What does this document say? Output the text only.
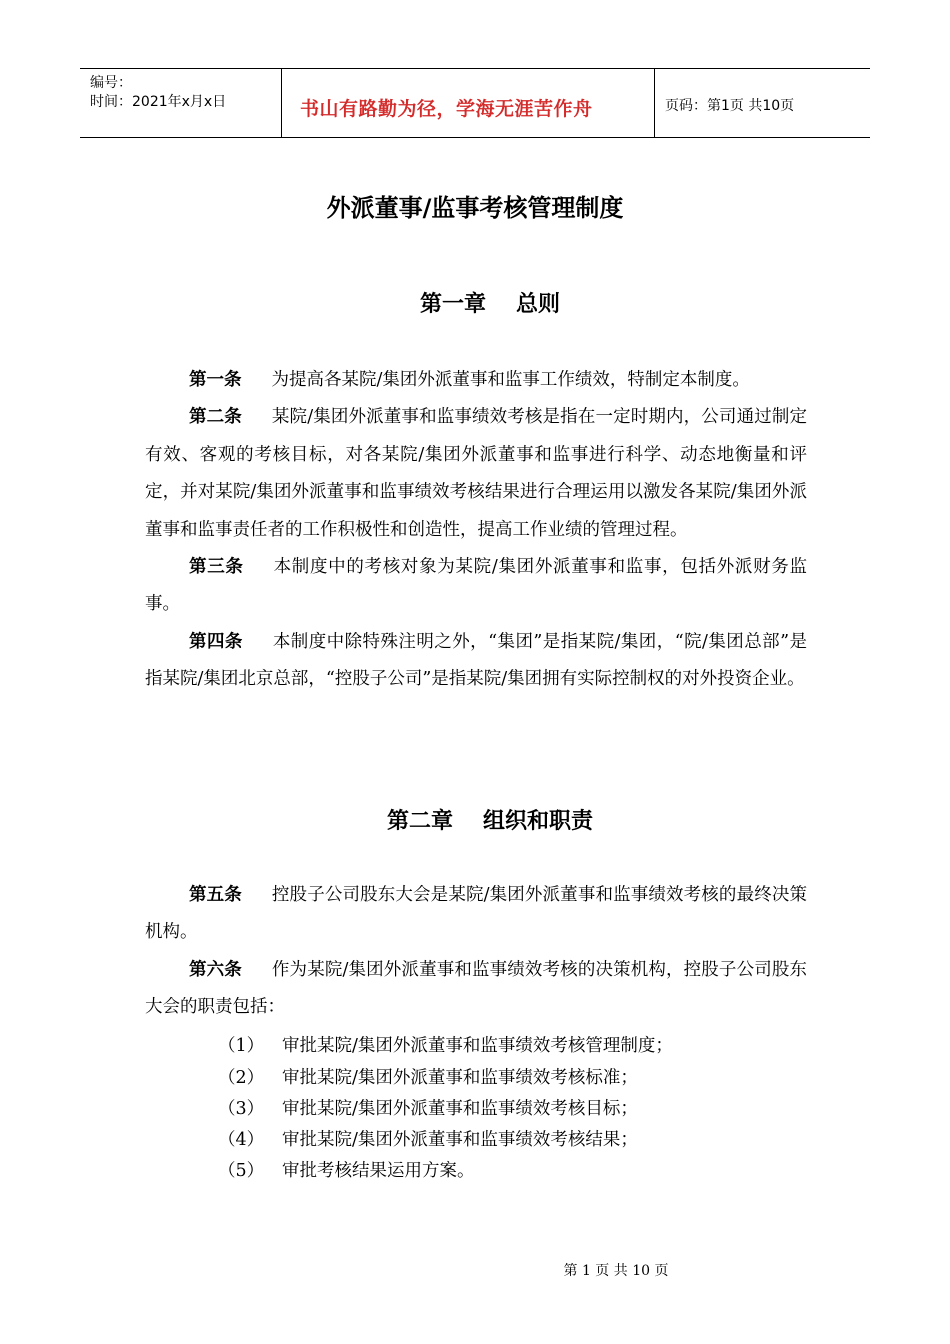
编号：
时间：2021年x月x日	书山有路勤为径，学海无涯苦作舟	页码：第1页 共10页
外派董事/监事考核管理制度
第一章 总则

第一条 为提高各某院/集团外派董事和监事工作绩效，特制定本制度。

第二条 某院/集团外派董事和监事绩效考核是指在一定时期内，公司通过制定有效、客观的考核目标，对各某院/集团外派董事和监事进行科学、动态地衡量和评定，并对某院/集团外派董事和监事绩效考核结果进行合理运用以激发各某院/集团外派董事和监事责任者的工作积极性和创造性，提高工作业绩的管理过程。

第三条 本制度中的考核对象为某院/集团外派董事和监事，包括外派财务监事。

第四条 本制度中除特殊注明之外，“集团”是指某院/集团，“院/集团总部”是指某院/集团北京总部，“控股子公司”是指某院/集团拥有实际控制权的对外投资企业。

第二章 组织和职责

第五条 控股子公司股东大会是某院/集团外派董事和监事绩效考核的最终决策机构。

第六条 作为某院/集团外派董事和监事绩效考核的决策机构，控股子公司股东大会的职责包括：

（1） 审批某院/集团外派董事和监事绩效考核管理制度；
（2） 审批某院/集团外派董事和监事绩效考核标准；
（3） 审批某院/集团外派董事和监事绩效考核目标；
（4） 审批某院/集团外派董事和监事绩效考核结果；
（5） 审批考核结果运用方案。
第 1 页 共 10 页
